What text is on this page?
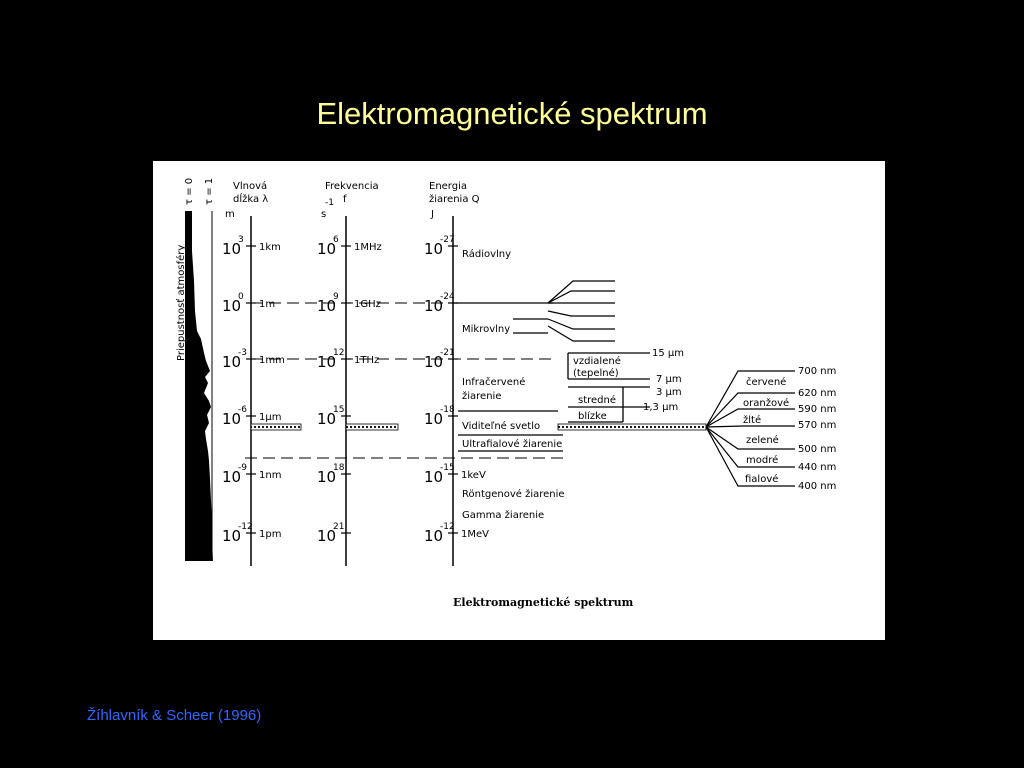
Elektromagnetické spektrum
Priepustnosť atmosféry
τ = 0 τ = 1 Vlnová
dĺžka λ
m
Frekvencia
-1 f
s
Energia
žiarenia Q
J
10
3
1km
10
0
1m
10
-3
1mm
10
-6
1μm
10
-9
1nm
10
-12
1pm
10
6
1MHz
10
9
1GHz
10
12
1THz
10
15
10
18
10
21
10
-27
10
-24
10
-21
10
-18
10
-15
1keV
10
-12
1MeV
Rádiovlny
Mikrovlny
Infračervené
žiarenie
Viditeľné svetlo
Ultrafialové žiarenie
Röntgenové žiarenie
Gamma žiarenie
vzdialené
(tepelné)
stredné
blízke
15 μm
7 μm
3 μm
1,3 μm
červené
oranžové
žlté
zelené
modré
fialové
700 nm
620 nm
590 nm
570 nm
500 nm
440 nm
400 nm
Elektromagnetické spektrum
Žíhlavník & Scheer (1996)
